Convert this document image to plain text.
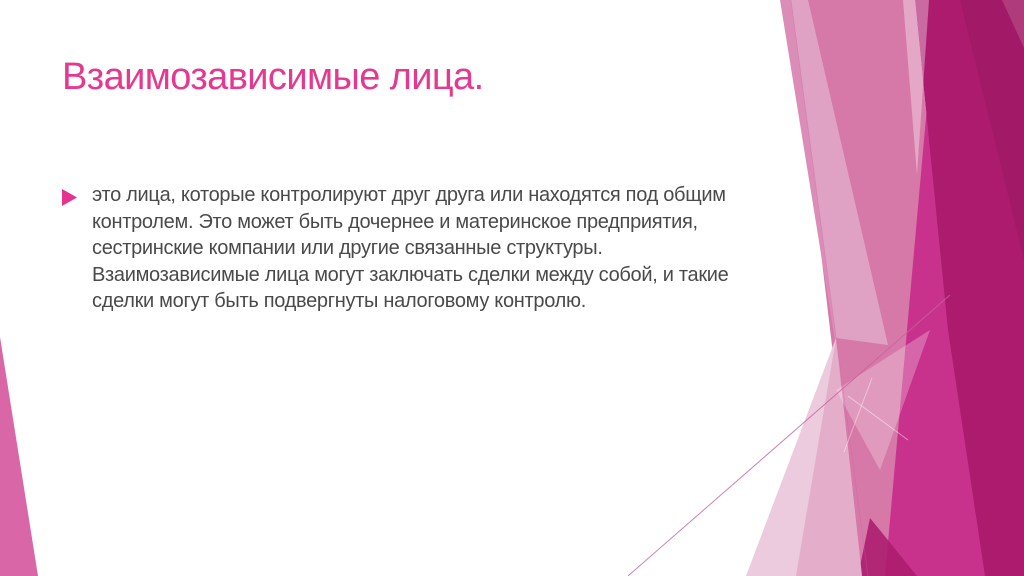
Взаимозависимые лица.
это лица, которые контролируют друг друга или находятся под общим
контролем. Это может быть дочернее и материнское предприятия,
сестринские компании или другие связанные структуры.
Взаимозависимые лица могут заключать сделки между собой, и такие
сделки могут быть подвергнуты налоговому контролю.
